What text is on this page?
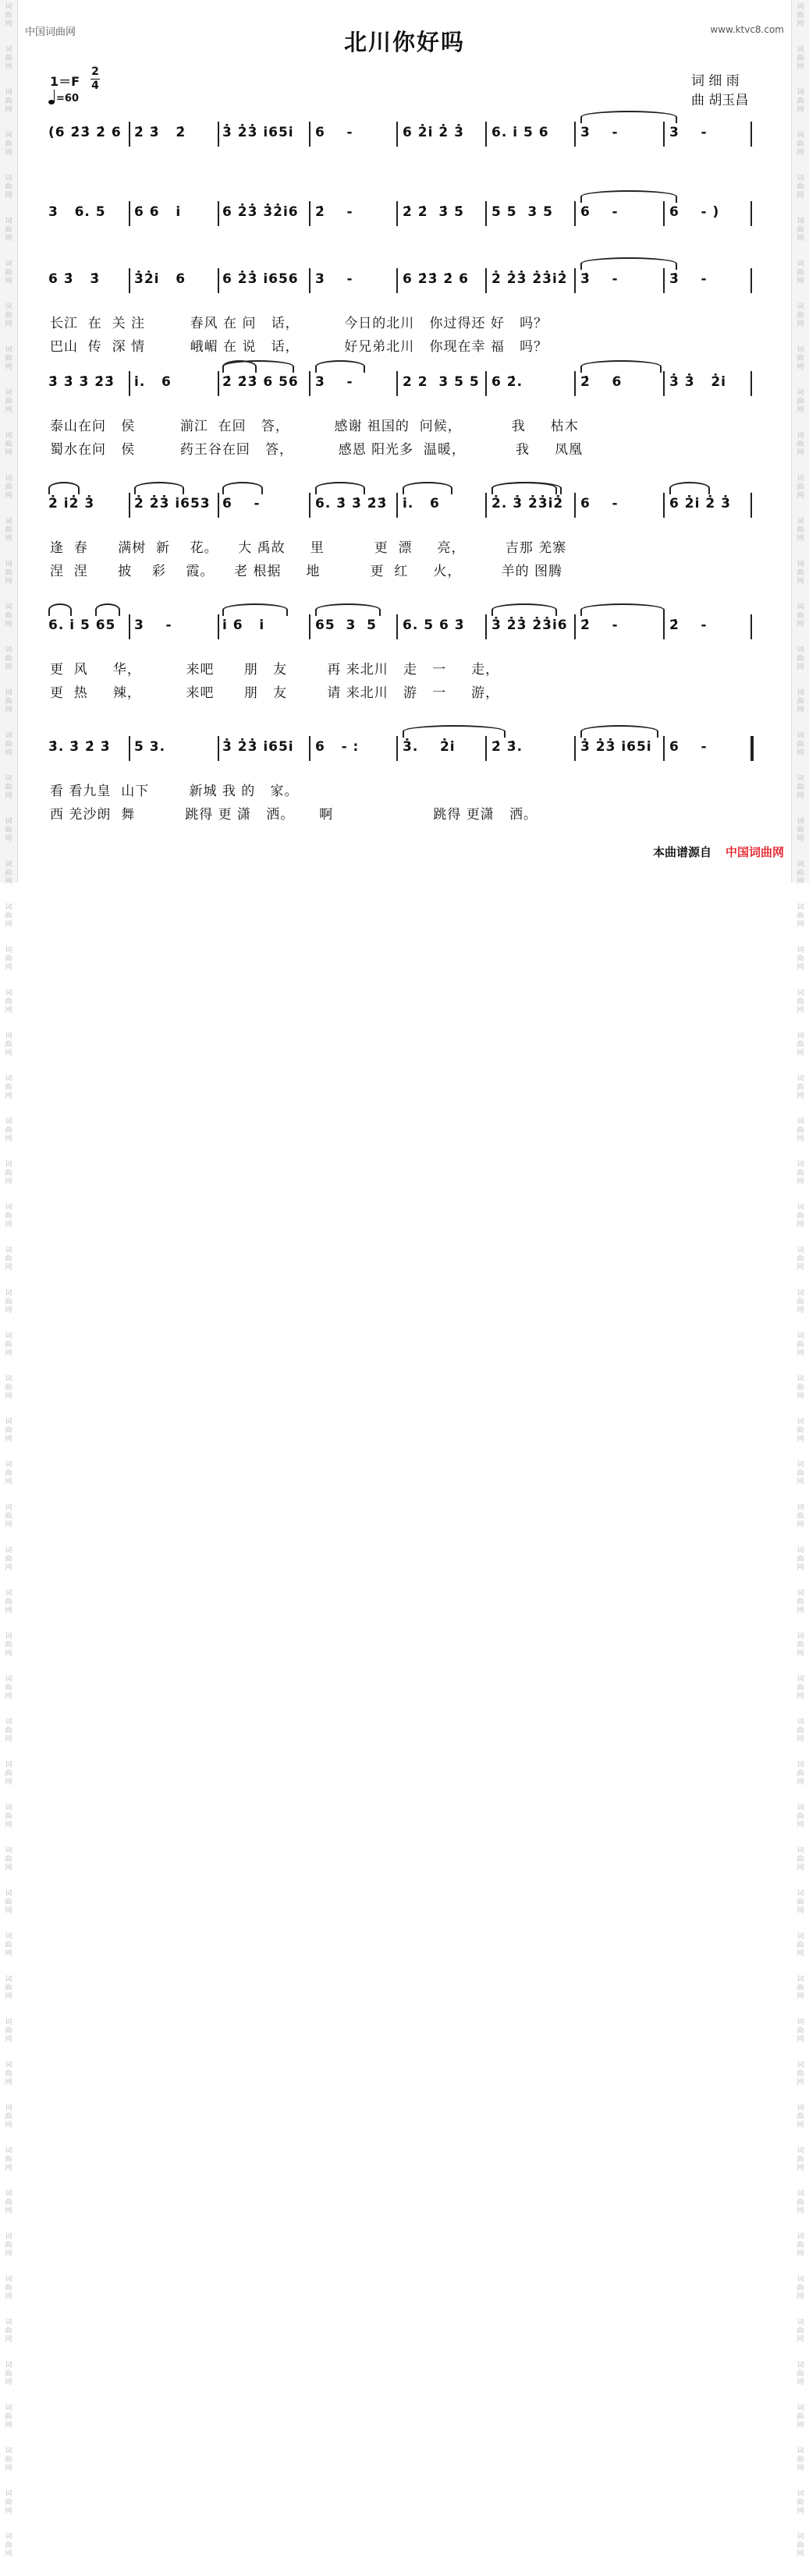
词
曲
网

词
曲
网

词
曲
网

词
曲
网

词
曲
网

词
曲
网

词
曲
网

词
曲
网

词
曲
网

词
曲
网

词
曲
网

词
曲
网

词
曲
网

词
曲
网

词
曲
网

词
曲
网

词
曲
网

词
曲
网

词
曲
网

词
曲
网

词
曲
网

词
曲
网

词
曲
网

词
曲
网

词
曲
网

词
曲
网

词
曲
网

词
曲
网

词
曲
网

词
曲
网

词
曲
网

词
曲
网

词
曲
网

词
曲
网

词
曲
网

词
曲
网

词
曲
网

词
曲
网

词
曲
网

词
曲
网

词
曲
网

词
曲
网

词
曲
网

词
曲
网

词
曲
网

词
曲
网

词
曲
网

词
曲
网

词
曲
网

词
曲
网

词
曲
网

词
曲
网

词
曲
网

词
曲
网

词
曲
网

词
曲
网

词
曲
网

词
曲
网

词
曲
网

词
曲
网

词
曲
网

词
曲
网

词
曲
网

词
曲
网

词
曲
网

词
曲
网

词
曲
网

词
曲
网

词
曲
网

词
曲
网

词
曲
网

词
曲
网

词
曲
网

词
曲
网

词
曲
网

词
曲
网

词
曲
网

词
曲
网

词
曲
网

词
曲
网

词
曲
网

词
曲
网

词
曲
网

词
曲
网

词
曲
网

词
曲
网

词
曲
网

词
曲
网

词
曲
网

词
曲
网

词
曲
网

词
曲
网

词
曲
网

词
曲
网

词
曲
网

词
曲
网

词
曲
网

词
曲
网

词
曲
网

词
曲
网

词
曲
网

词
曲
网

词
曲
网

词
曲
网

词
曲
网

词
曲
网

词
曲
网

词
曲
网

词
曲
网

词
曲
网

词
曲
网

词
曲
网

词
曲
网

词
曲
网

词
曲
网

词
曲
网

词
曲
网

词
曲
网

词
曲
网

词
曲
网

中国词曲网	www.ktvc8.com
北川你好吗
1＝F
2
4
=60
词 细 雨
曲 胡玉昌
(6 2̇3̇ 2̇ 6 2̇ 3̇   2̇	3̇ 2̇3̇ i̇65i̇ 6    -	6 2̇i̇ 2̇ 3̇ 6. i̇ 5 6 3    -	3    -
3   6. 5 6 6   i̇	6 2̇3̇ 3̇2̇i̇6 2̇    -	2̇ 2̇  3̇ 5̇ 5 5  3 5 6    -	6    - )
6 3̇   3̇	3̇2̇i̇   6	6 2̇3̇ i̇656 3    -	6 2̇3̇ 2̇ 6 2̇ 2̇3̇ 2̇3̇i̇2̇ 3̇    -	3̇    -
长江  在  关 注         春风 在 问   话，         今日的北川   你过得还 好   吗？
巴山  传  深 情         峨嵋 在 说   话，         好兄弟北川   你现在幸 福   吗？
3̇ 3̇ 3̇ 2̇3̇ i̇.   6	2̇ 2̇3̇ 6 56 3    -	2 2  3 5 5 6 2̇.	2̇    6	3̇ 3̇   2̇i̇
泰山在问   侯         湔江  在回   答，         感谢 祖国的  问候，          我     枯木
蜀水在问   侯         药王谷在回   答，         感恩 阳光多  温暖，          我     凤凰
2̇ i̇2̇ 3̇	2̇ 2̇3̇ i̇653 6    -	6. 3̇ 3̇ 2̇3̇ i̇.   6	2̇. 3̇ 2̇3̇i̇2̇ 6    -	6 2̇i̇ 2̇ 3̇
逢  春      满树  新    花。    大 禹故     里          更  漂     亮，        吉那 羌寨
涅  涅      披    彩    霞。    老 根据     地          更  红     火，        羊的 图腾
6. i̇ 5 65 3    -	i̇ 6   i̇	65  3  5 6. 5 6 3̇ 3̇ 2̇3̇ 2̇3̇i̇6 2̇    -	2̇    -
更  风     华，         来吧      朋   友        再 来北川   走   一     走，
更  热     辣，         来吧      朋   友        请 来北川   游   一     游，
3̇. 3̇ 2̇ 3̇ 5 3.	3̇ 2̇3̇ i̇65i̇ 6   - :	3̇.    2̇i̇	2̇ 3̇.	3̇ 2̇3̇ i̇65i̇ 6    -
看 看九皇  山下        新城 我 的   家。
西 羌沙朗  舞          跳得 更 潇   洒。     啊                    跳得 更潇   洒。
本曲谱源自 中国词曲网
